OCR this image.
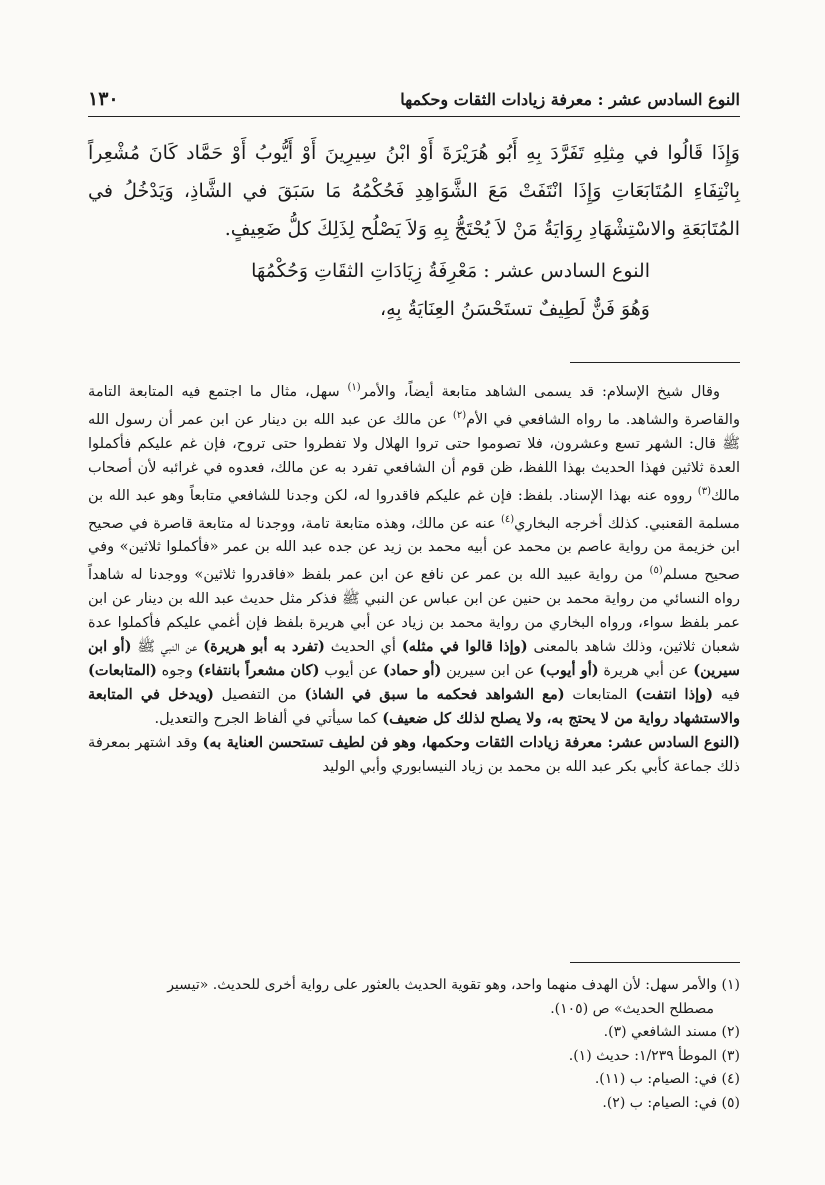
النوع السادس عشر : معرفة زيادات الثقات وحكمها
١٣٠

وَإِذَا قَالُوا في مِثلِهِ تَفَرَّدَ بِهِ أَبُو هُرَيْرَةَ أَوْ ابْنُ سِيرِينَ أَوْ أَيُّوبُ أَوْ حَمَّاد كَانَ مُشْعِراً بِانْتِفَاءِ المُتَابَعَاتِ وَإِذَا انْتَفَتْ مَعَ الشَّوَاهِدِ فَحُكْمُهُ مَا سَبَقَ في الشَّاذِ، وَيَدْخُلُ في المُتَابَعَةِ والاسْتِشْهَادِ رِوَايَةُ مَنْ لاَ يُحْتَجُّ بِهِ وَلاَ يَصْلُح لِذَلِكَ كلُّ ضَعِيفٍ.

النوع السادس عشر : مَعْرِفَةُ زِيَادَاتِ الثقَاتِ وَحُكْمُهَا

وَهُوَ فَنٌّ لَطِيفٌ تستَحْسَنُ العِنَايَةُ بِهِ،

وقال شيخ الإسلام: قد يسمى الشاهد متابعة أيضاً، والأمر$^{(١)}$ سهل، مثال ما اجتمع فيه المتابعة التامة والقاصرة والشاهد. ما رواه الشافعي في الأم$^{(٢)}$ عن مالك عن عبد الله بن دينار عن ابن عمر أن رسول الله ﷺ قال: الشهر تسع وعشرون، فلا تصوموا حتى تروا الهلال ولا تفطروا حتى تروح، فإن غم عليكم فأكملوا العدة ثلاثين فهذا الحديث بهذا اللفظ، ظن قوم أن الشافعي تفرد به عن مالك، فعدوه في غرائبه لأن أصحاب مالك$^{(٣)}$ رووه عنه بهذا الإسناد. بلفظ: فإن غم عليكم فاقدروا له، لكن وجدنا للشافعي متابعاً وهو عبد الله بن مسلمة القعنبي. كذلك أخرجه البخاري$^{(٤)}$ عنه عن مالك، وهذه متابعة تامة، ووجدنا له متابعة قاصرة في صحيح ابن خزيمة من رواية عاصم بن محمد عن أبيه محمد بن زيد عن جده عبد الله بن عمر «فأكملوا ثلاثين» وفي صحيح مسلم$^{(٥)}$ من رواية عبيد الله بن عمر عن نافع عن ابن عمر بلفظ «فاقدروا ثلاثين» ووجدنا له شاهداً رواه النسائي من رواية محمد بن حنين عن ابن عباس عن النبي ﷺ فذكر مثل حديث عبد الله بن دينار عن ابن عمر بلفظ سواء، ورواه البخاري من رواية محمد بن زياد عن أبي هريرة بلفظ فإن أغمي عليكم فأكملوا عدة شعبان ثلاثين، وذلك شاهد بالمعنى (وإذا قالوا في مثله) أي الحديث (تفرد به أبو هريرة) عن النبي ﷺ (أو ابن سيرين) عن أبي هريرة (أو أيوب) عن ابن سيرين (أو حماد) عن أيوب (كان مشعراً بانتفاء) وجوه (المتابعات) فيه (وإذا انتفت) المتابعات (مع الشواهد فحكمه ما سبق في الشاذ) من التفصيل (ويدخل في المتابعة والاستشهاد رواية من لا يحتج به، ولا يصلح لذلك كل ضعيف) كما سيأتي في ألفاظ الجرح والتعديل.

(النوع السادس عشر: معرفة زيادات الثقات وحكمها، وهو فن لطيف تستحسن العناية به) وقد اشتهر بمعرفة ذلك جماعة كأبي بكر عبد الله بن محمد بن زياد النيسابوري وأبي الوليد

(١) والأمر سهل: لأن الهدف منهما واحد، وهو تقوية الحديث بالعثور على رواية أخرى للحديث. «تيسير
مصطلح الحديث» ص (١٠٥).

(٢) مسند الشافعي (٣).

(٣) الموطأ ١/٢٣٩: حديث (١).

(٤) في: الصيام: ب (١١).

(٥) في: الصيام: ب (٢).
